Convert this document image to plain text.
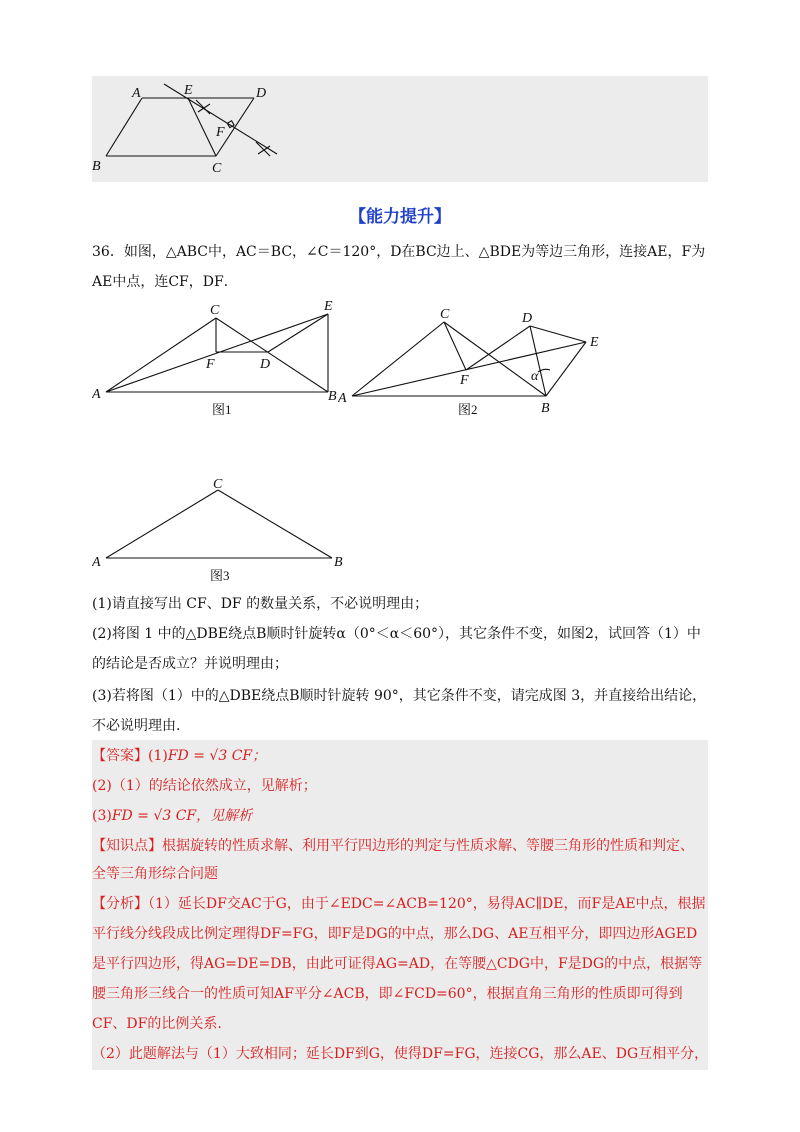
A	E	D
F
B	C
【能力提升】
36．如图，△ABC中，AC＝BC，∠C＝120°，D在BC边上、△BDE为等边三角形，连接AE，F为
AE中点，连CF，DF．
C	E
F	D
A	B
图1
C	D
E
F	α
A
B
图2
C
A	B
图3
(1)请直接写出 CF、DF 的数量关系，不必说明理由；
(2)将图 1 中的△DBE绕点B顺时针旋转α（0°＜α＜60°），其它条件不变，如图2，试回答（1）中
的结论是否成立？并说明理由；
(3)若将图（1）中的△DBE绕点B顺时针旋转 90°，其它条件不变，请完成图 3，并直接给出结论，
不必说明理由.
【答案】(1)FD = √3 CF；
(2)（1）的结论依然成立，见解析；
(3)FD = √3 CF，见解析
【知识点】根据旋转的性质求解、利用平行四边形的判定与性质求解、等腰三角形的性质和判定、
全等三角形综合问题
【分析】（1）延长DF交AC于G，由于∠EDC=∠ACB=120°，易得AC∥DE，而F是AE中点，根据
平行线分线段成比例定理得DF=FG，即F是DG的中点，那么DG、AE互相平分，即四边形AGED
是平行四边形，得AG=DE=DB，由此可证得AG=AD，在等腰△CDG中，F是DG的中点，根据等
腰三角形三线合一的性质可知AF平分∠ACB，即∠FCD=60°，根据直角三角形的性质即可得到
CF、DF的比例关系.
（2）此题解法与（1）大致相同；延长DF到G，使得DF=FG，连接CG，那么AE、DG互相平分，
